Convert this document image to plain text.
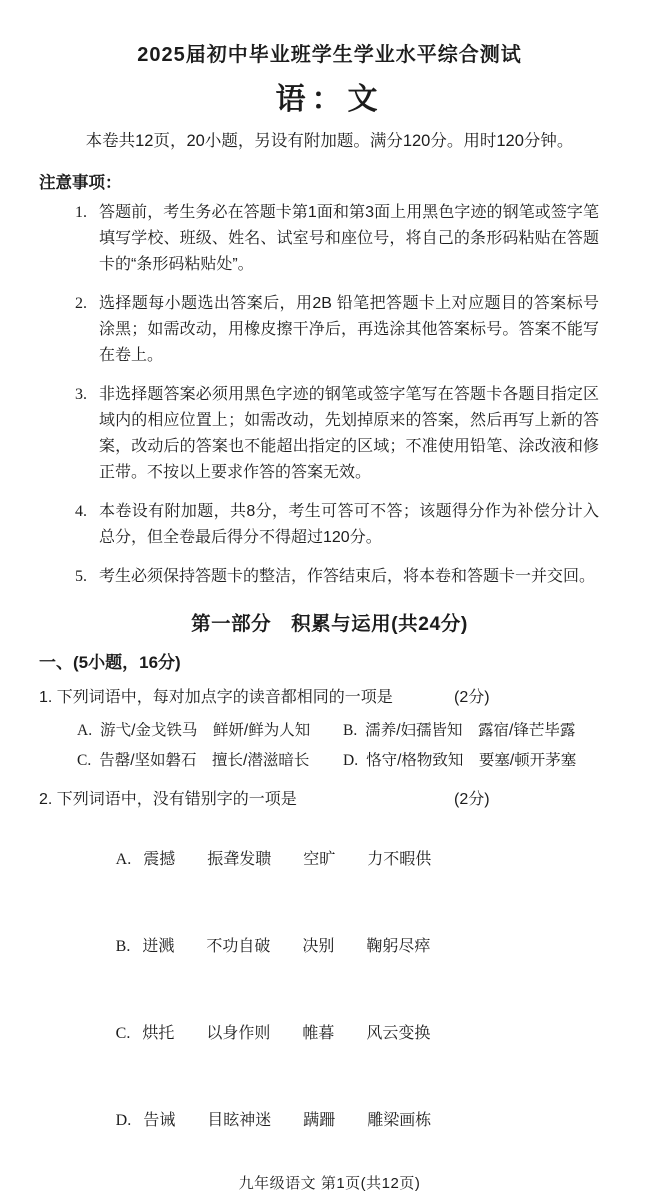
2025届初中毕业班学生学业水平综合测试
语：文
本卷共12页，20小题，另设有附加题。满分120分。用时120分钟。
注意事项：
1. 答题前，考生务必在答题卡第1面和第3面上用黑色字迹的钢笔或签字笔填写学校、班级、姓名、试室号和座位号，将自己的条形码粘贴在答题卡的“条形码粘贴处”。
2. 选择题每小题选出答案后，用2B 铅笔把答题卡上对应题目的答案标号涂黑；如需改动，用橡皮擦干净后，再选涂其他答案标号。答案不能写在卷上。
3. 非选择题答案必须用黑色字迹的钢笔或签字笔写在答题卡各题目指定区域内的相应位置上；如需改动，先划掉原来的答案，然后再写上新的答案，改动后的答案也不能超出指定的区域；不准使用铅笔、涂改液和修正带。不按以上要求作答的答案无效。
4. 本卷设有附加题，共8分，考生可答可不答；该题得分作为补偿分计入总分，但全卷最后得分不得超过120分。
5. 考生必须保持答题卡的整洁，作答结束后，将本卷和答题卡一并交回。
第一部分　积累与运用(共24分)
一、(5小题，16分)
1. 下列词语中，每对加点字的读音都相同的一项是	(2分)
A. 游弋/金戈铁马　鲜妍/鲜为人知	B. 濡养/妇孺皆知　露宿/锋芒毕露
C. 告罄/坚如磐石　擅长/潜滋暗长	D. 恪守/格物致知　要塞/顿开茅塞
2. 下列词语中，没有错别字的一项是	(2分)

A. 震撼　　振聋发聩　　空旷　　力不暇供

B. 迸溅　　不功自破　　决别　　鞠躬尽瘁

C. 烘托　　以身作则　　帷暮　　风云变换

D. 告诫　　目眩神迷　　蹒跚　　雕梁画栋

九年级语文 第1页(共12页)
